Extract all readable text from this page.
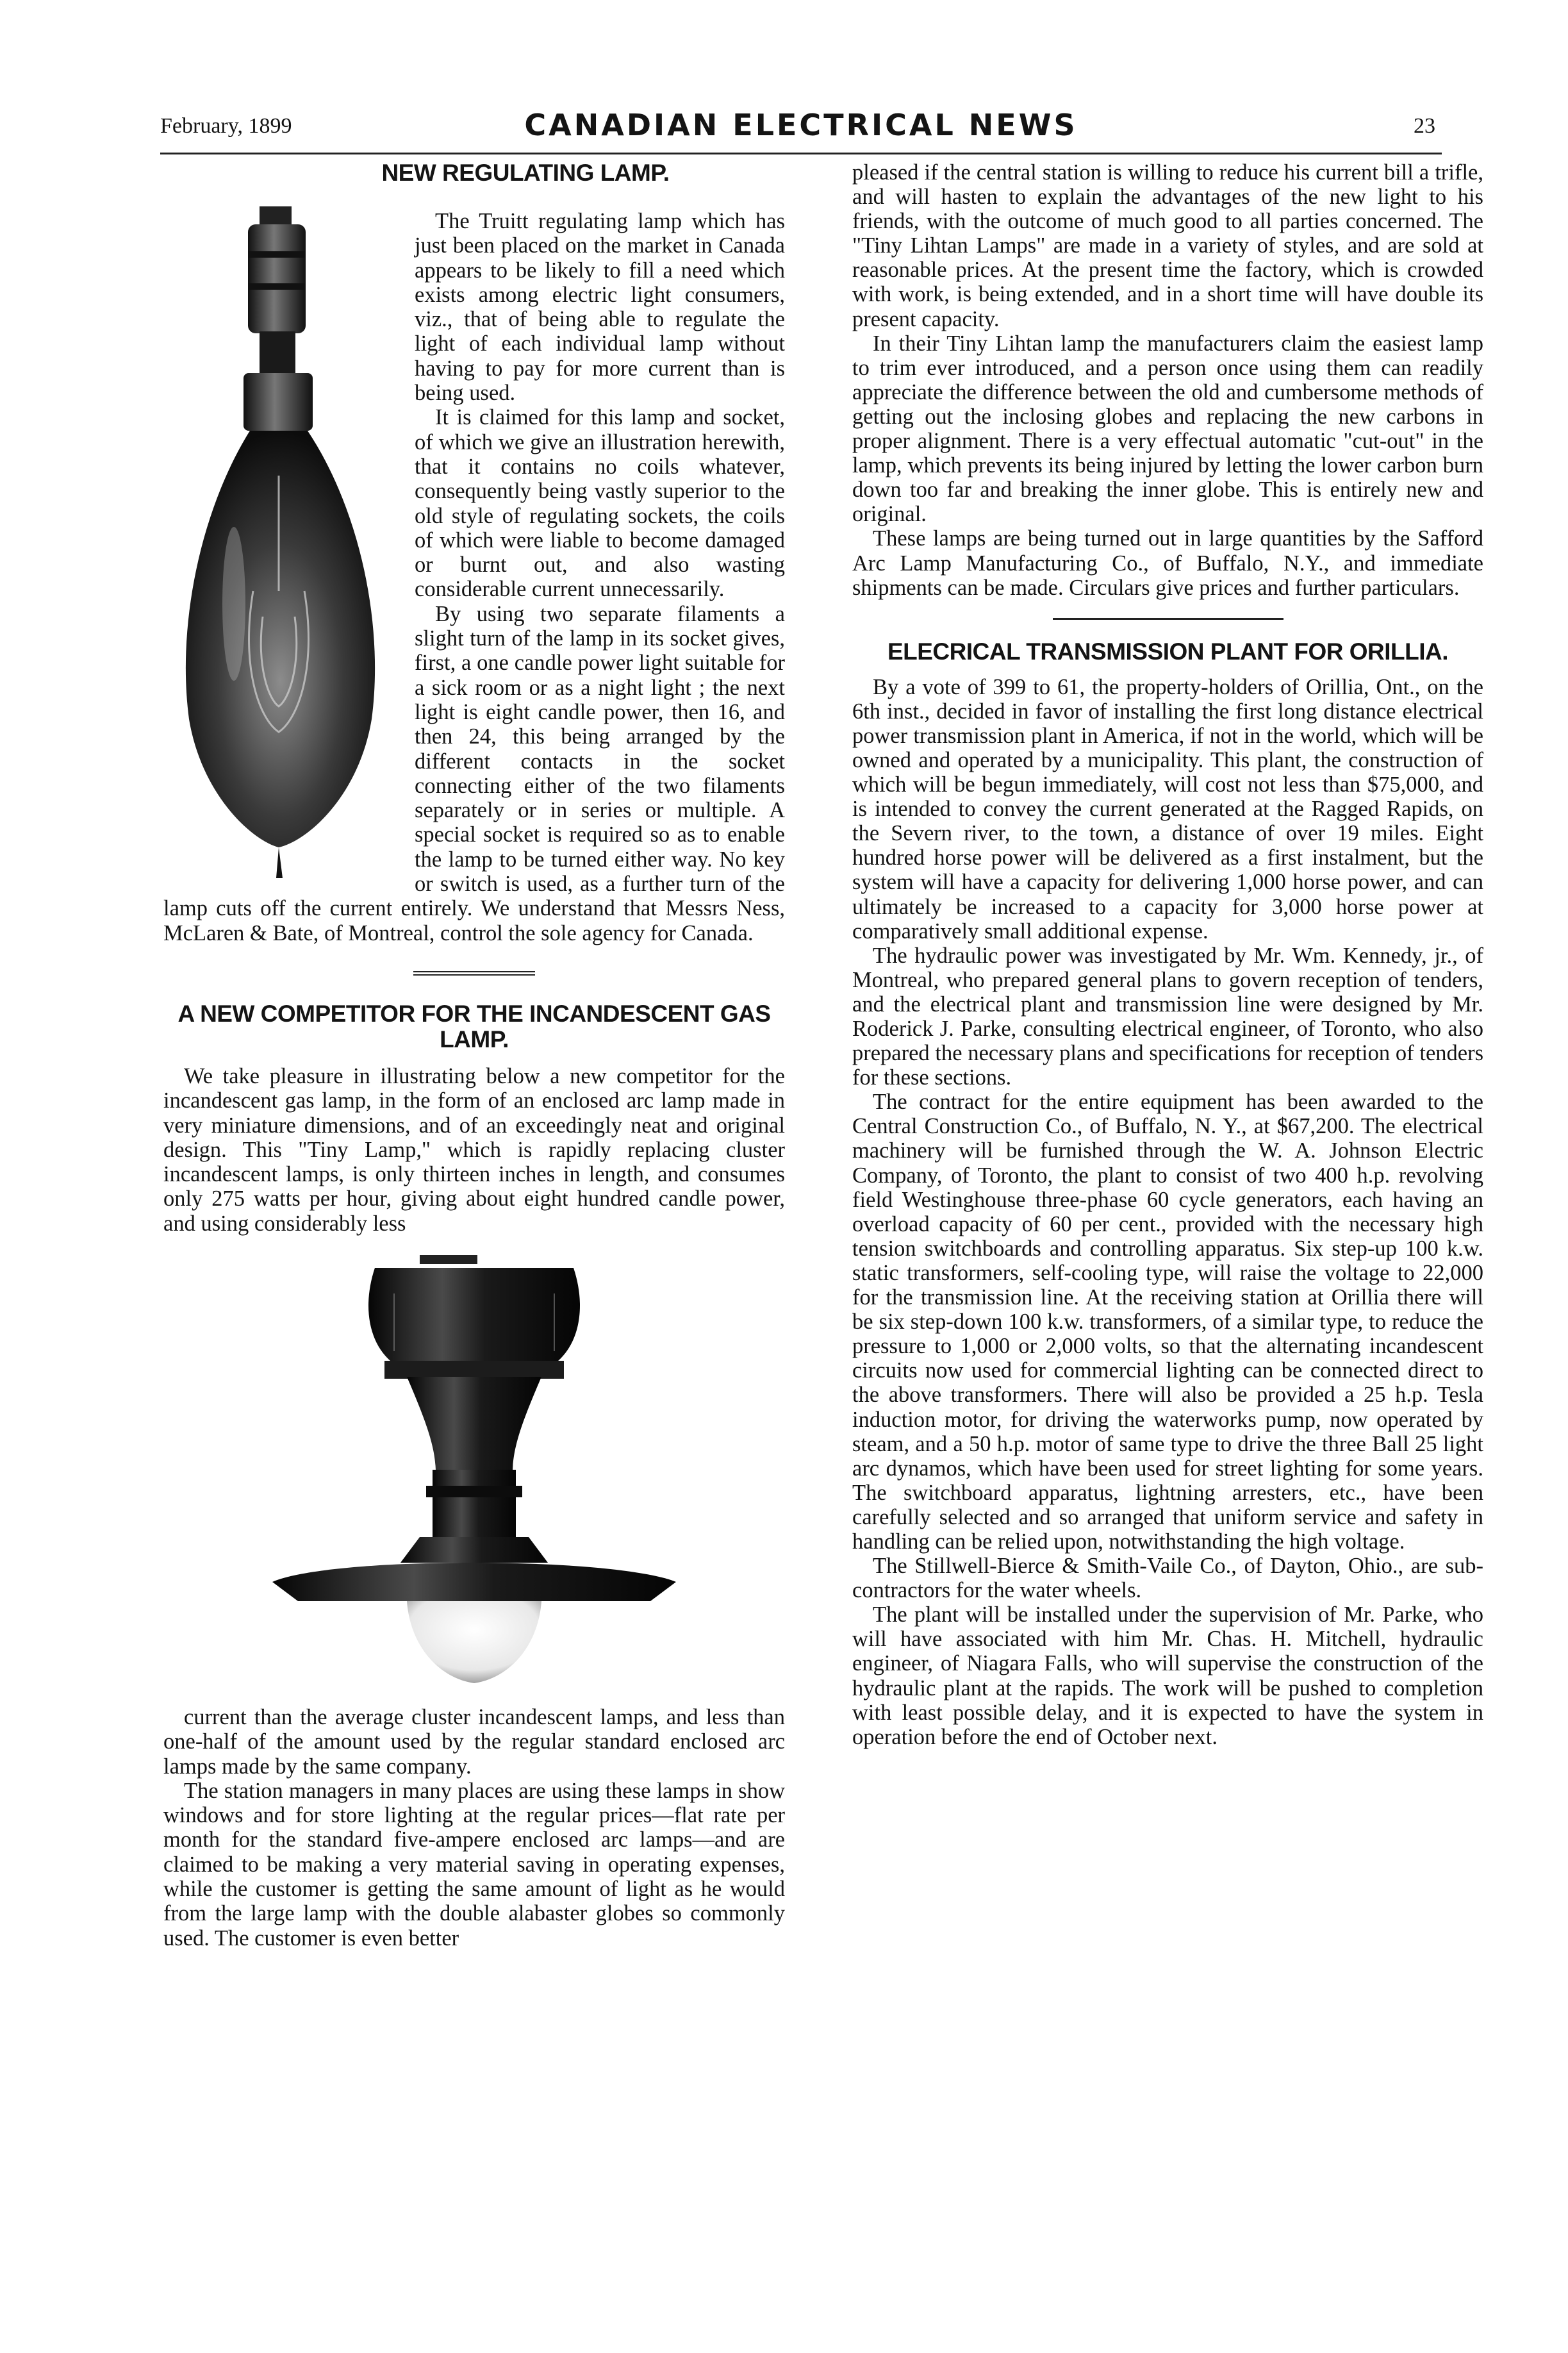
February, 1899	CANADIAN ELECTRICAL NEWS	23
NEW REGULATING LAMP.

The Truitt regulating lamp which has just been placed on the market in Canada appears to be likely to fill a need which exists among electric light consumers, viz., that of being able to regulate the light of each individual lamp without having to pay for more current than is being used.

It is claimed for this lamp and socket, of which we give an illustration herewith, that it contains no coils whatever, consequently being vastly superior to the old style of regulating sockets, the coils of which were liable to become damaged or burnt out, and also wasting considerable current unnecessarily.

By using two separate filaments a slight turn of the lamp in its socket gives, first, a one candle power light suitable for a sick room or as a night light ; the next light is eight candle power, then 16, and then 24, this being arranged by the different contacts in the socket connecting either of the two filaments separately or in series or multiple. A special socket is required so as to enable the lamp to be turned either way. No key or switch is used, as a further turn of the lamp cuts off the current entirely. We understand that Messrs Ness, McLaren & Bate, of Montreal, control the sole agency for Canada.

A NEW COMPETITOR FOR THE INCANDESCENT GAS LAMP.

We take pleasure in illustrating below a new competitor for the incandescent gas lamp, in the form of an enclosed arc lamp made in very miniature dimensions, and of an exceedingly neat and original design. This "Tiny Lamp," which is rapidly replacing cluster incandescent lamps, is only thirteen inches in length, and consumes only 275 watts per hour, giving about eight hundred candle power, and using considerably less

current than the average cluster incandescent lamps, and less than one-half of the amount used by the regular standard enclosed arc lamps made by the same company.

The station managers in many places are using these lamps in show windows and for store lighting at the regular prices—flat rate per month for the standard five-ampere enclosed arc lamps—and are claimed to be making a very material saving in operating expenses, while the customer is getting the same amount of light as he would from the large lamp with the double alabaster globes so commonly used. The customer is even better

pleased if the central station is willing to reduce his current bill a trifle, and will hasten to explain the advantages of the new light to his friends, with the outcome of much good to all parties concerned. The "Tiny Lihtan Lamps" are made in a variety of styles, and are sold at reasonable prices. At the present time the factory, which is crowded with work, is being extended, and in a short time will have double its present capacity.

In their Tiny Lihtan lamp the manufacturers claim the easiest lamp to trim ever introduced, and a person once using them can readily appreciate the difference between the old and cumbersome methods of getting out the inclosing globes and replacing the new carbons in proper alignment. There is a very effectual automatic "cut-out" in the lamp, which prevents its being injured by letting the lower carbon burn down too far and breaking the inner globe. This is entirely new and original.

These lamps are being turned out in large quantities by the Safford Arc Lamp Manufacturing Co., of Buffalo, N.Y., and immediate shipments can be made. Circulars give prices and further particulars.

ELECRICAL TRANSMISSION PLANT FOR ORILLIA.

By a vote of 399 to 61, the property-holders of Orillia, Ont., on the 6th inst., decided in favor of installing the first long distance electrical power transmission plant in America, if not in the world, which will be owned and operated by a municipality. This plant, the construction of which will be begun immediately, will cost not less than $75,000, and is intended to convey the current generated at the Ragged Rapids, on the Severn river, to the town, a distance of over 19 miles. Eight hundred horse power will be delivered as a first instalment, but the system will have a capacity for delivering 1,000 horse power, and can ultimately be increased to a capacity for 3,000 horse power at comparatively small additional expense.

The hydraulic power was investigated by Mr. Wm. Kennedy, jr., of Montreal, who prepared general plans to govern reception of tenders, and the electrical plant and transmission line were designed by Mr. Roderick J. Parke, consulting electrical engineer, of Toronto, who also prepared the necessary plans and specifications for reception of tenders for these sections.

The contract for the entire equipment has been awarded to the Central Construction Co., of Buffalo, N. Y., at $67,200. The electrical machinery will be furnished through the W. A. Johnson Electric Company, of Toronto, the plant to consist of two 400 h.p. revolving field Westinghouse three-phase 60 cycle generators, each having an overload capacity of 60 per cent., provided with the necessary high tension switchboards and controlling apparatus. Six step-up 100 k.w. static transformers, self-cooling type, will raise the voltage to 22,000 for the transmission line. At the receiving station at Orillia there will be six step-down 100 k.w. transformers, of a similar type, to reduce the pressure to 1,000 or 2,000 volts, so that the alternating incandescent circuits now used for commercial lighting can be connected direct to the above transformers. There will also be provided a 25 h.p. Tesla induction motor, for driving the waterworks pump, now operated by steam, and a 50 h.p. motor of same type to drive the three Ball 25 light arc dynamos, which have been used for street lighting for some years. The switchboard apparatus, lightning arresters, etc., have been carefully selected and so arranged that uniform service and safety in handling can be relied upon, notwithstanding the high voltage.

The Stillwell-Bierce & Smith-Vaile Co., of Dayton, Ohio., are sub-contractors for the water wheels.

The plant will be installed under the supervision of Mr. Parke, who will have associated with him Mr. Chas. H. Mitchell, hydraulic engineer, of Niagara Falls, who will supervise the construction of the hydraulic plant at the rapids. The work will be pushed to completion with least possible delay, and it is expected to have the system in operation before the end of October next.
